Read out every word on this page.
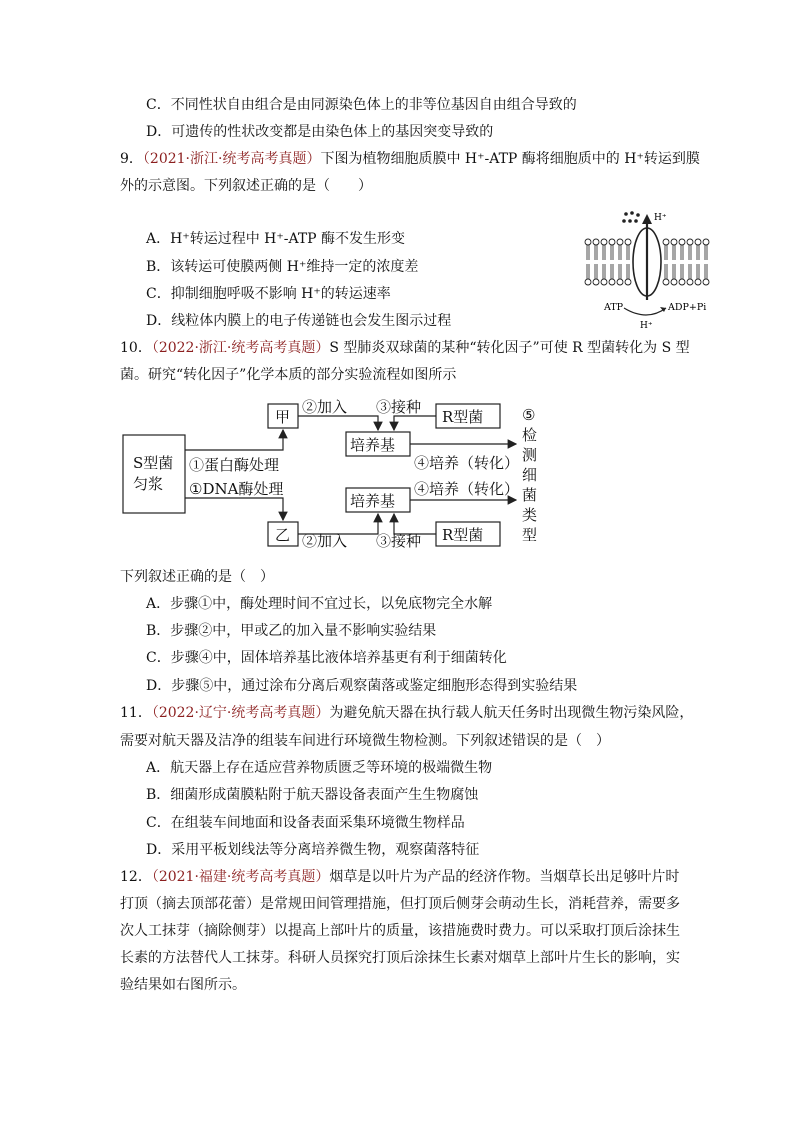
C．不同性状自由组合是由同源染色体上的非等位基因自由组合导致的
D．可遗传的性状改变都是由染色体上的基因突变导致的
9．（2021·浙江·统考高考真题）下图为植物细胞质膜中 H⁺-ATP 酶将细胞质中的 H⁺转运到膜
外的示意图。下列叙述正确的是（　　）
A．H⁺转运过程中 H⁺-ATP 酶不发生形变
B．该转运可使膜两侧 H⁺维持一定的浓度差
C．抑制细胞呼吸不影响 H⁺的转运速率
D．线粒体内膜上的电子传递链也会发生图示过程
H⁺
ATP	ADP+Pi
H⁺
10．（2022·浙江·统考高考真题）S 型肺炎双球菌的某种“转化因子”可使 R 型菌转化为 S 型
菌。研究“转化因子”化学本质的部分实验流程如图所示
S型菌
匀浆
①蛋白酶处理
①DNA酶处理
甲
乙
②加入
②加入
③接种
③接种
R型菌
R型菌
培养基
培养基
④培养（转化）
④培养（转化）
⑤
检
测
细
菌
类
型
下列叙述正确的是（　）
A．步骤①中，酶处理时间不宜过长，以免底物完全水解
B．步骤②中，甲或乙的加入量不影响实验结果
C．步骤④中，固体培养基比液体培养基更有利于细菌转化
D．步骤⑤中，通过涂布分离后观察菌落或鉴定细胞形态得到实验结果
11．（2022·辽宁·统考高考真题）为避免航天器在执行载人航天任务时出现微生物污染风险，
需要对航天器及洁净的组装车间进行环境微生物检测。下列叙述错误的是（　）
A．航天器上存在适应营养物质匮乏等环境的极端微生物
B．细菌形成菌膜粘附于航天器设备表面产生生物腐蚀
C．在组装车间地面和设备表面采集环境微生物样品
D．采用平板划线法等分离培养微生物，观察菌落特征
12．（2021·福建·统考高考真题）烟草是以叶片为产品的经济作物。当烟草长出足够叶片时
打顶（摘去顶部花蕾）是常规田间管理措施，但打顶后侧芽会萌动生长，消耗营养，需要多
次人工抹芽（摘除侧芽）以提高上部叶片的质量，该措施费时费力。可以采取打顶后涂抹生
长素的方法替代人工抹芽。科研人员探究打顶后涂抹生长素对烟草上部叶片生长的影响，实
验结果如右图所示。
